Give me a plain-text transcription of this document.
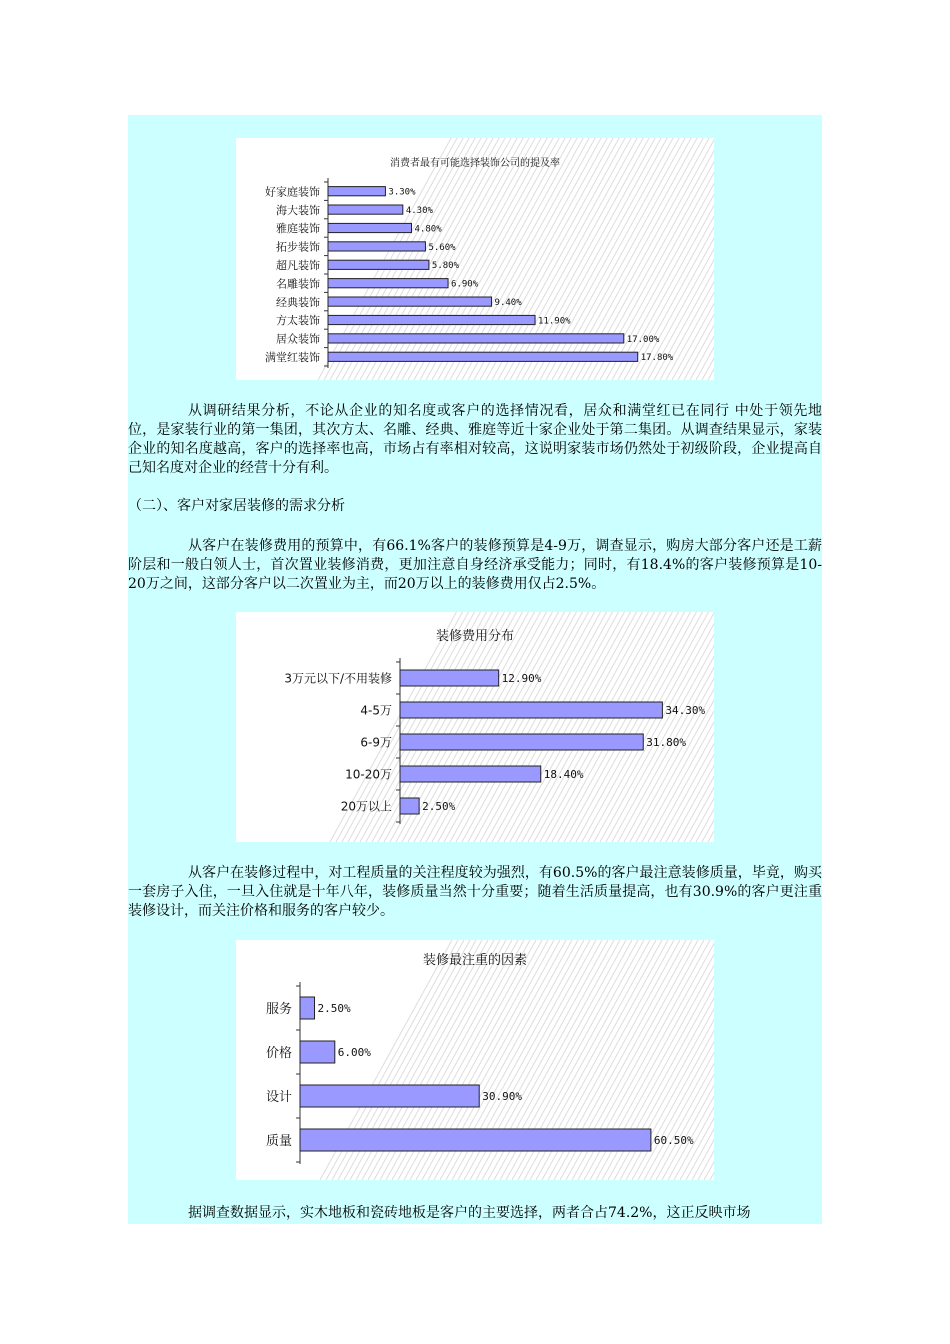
消费者最有可能选择装饰公司的提及率
好家庭装饰	3.30%
海大装饰	4.30%
雅庭装饰	4.80%
拓步装饰	5.60%
超凡装饰	5.80%
名雕装饰	6.90%
经典装饰	9.40%
方太装饰	11.90%
居众装饰	17.00%
满堂红装饰	17.80%

从调研结果分析，不论从企业的知名度或客户的选择情况看，居众和满堂红已在同行 中处于领先地位，是家装行业的第一集团，其次方太、名雕、经典、雅庭等近十家企业处于第二集团。从调查结果显示，家装企业的知名度越高，客户的选择率也高，市场占有率相对较高，这说明家装市场仍然处于初级阶段，企业提高自己知名度对企业的经营十分有利。

（二）、客户对家居装修的需求分析

从客户在装修费用的预算中，有66.1%客户的装修预算是4-9万，调查显示，购房大部分客户还是工薪阶层和一般白领人士，首次置业装修消费，更加注意自身经济承受能力；同时，有18.4%的客户装修预算是10-20万之间，这部分客户以二次置业为主，而20万以上的装修费用仅占2.5%。

装修费用分布
3万元以下/不用装修	12.90%
4-5万	34.30%
6-9万	31.80%
10-20万	18.40%
20万以上	2.50%

从客户在装修过程中，对工程质量的关注程度较为强烈，有60.5%的客户最注意装修质量，毕竟，购买一套房子入住，一旦入住就是十年八年，装修质量当然十分重要；随着生活质量提高，也有30.9%的客户更注重装修设计，而关注价格和服务的客户较少。

装修最注重的因素
服务 2.50%
价格	6.00%
设计	30.90%
质量	60.50%

据调查数据显示，实木地板和瓷砖地板是客户的主要选择，两者合占74.2%，这正反映市场
